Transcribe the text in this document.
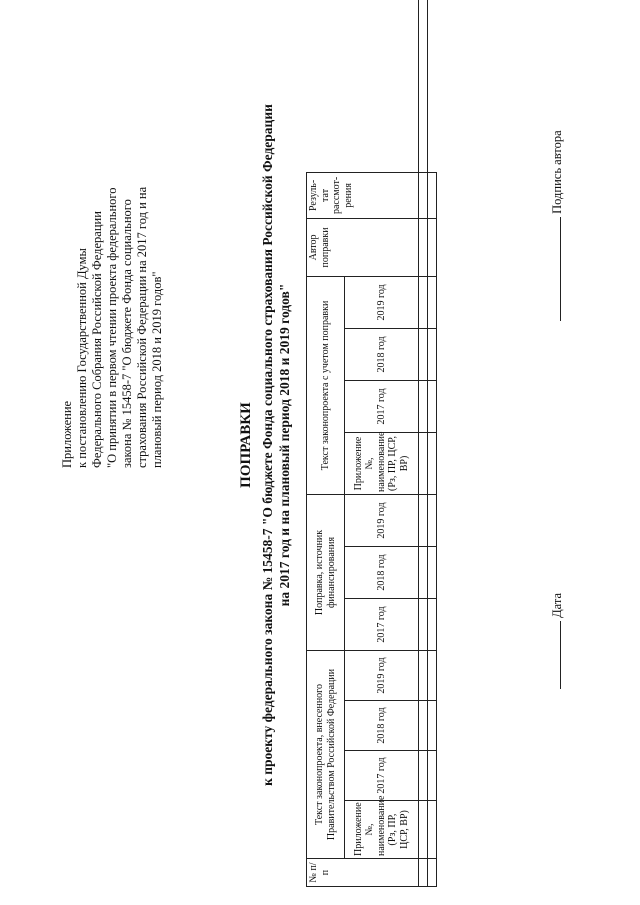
Приложение к постановлению Государственной Думы Федерального Собрания Российской Федерации "О принятии в первом чтении проекта федерального закона № 15458-7 "О бюджете Фонда социального страхования Российской Федерации на 2017 год и на плановый период 2018 и 2019 годов"	ПОПРАВКИ к проекту федерального закона № 15458-7 "О бюджете Фонда социального страхования Российской Федерации на 2017 год и на плановый период 2018 и 2019 годов"
№ п/п	Текст законопроекта, внесенного Правительством Российской Федерации				Поправка, источник финансирования			Текст законопроекта с учетом поправки				Автор поправки	Резуль-тат рассмот-рения	
	Приложение №, наименование (Рз, ПР, ЦСР, ВР)	2017 год	2018 год	2019 год	2017 год	2018 год	2019 год	Приложение №, наименование (Рз, ПР, ЦСР, ВР)	2017 год	2018 год	2019 год			

Дата
Подпись автора
